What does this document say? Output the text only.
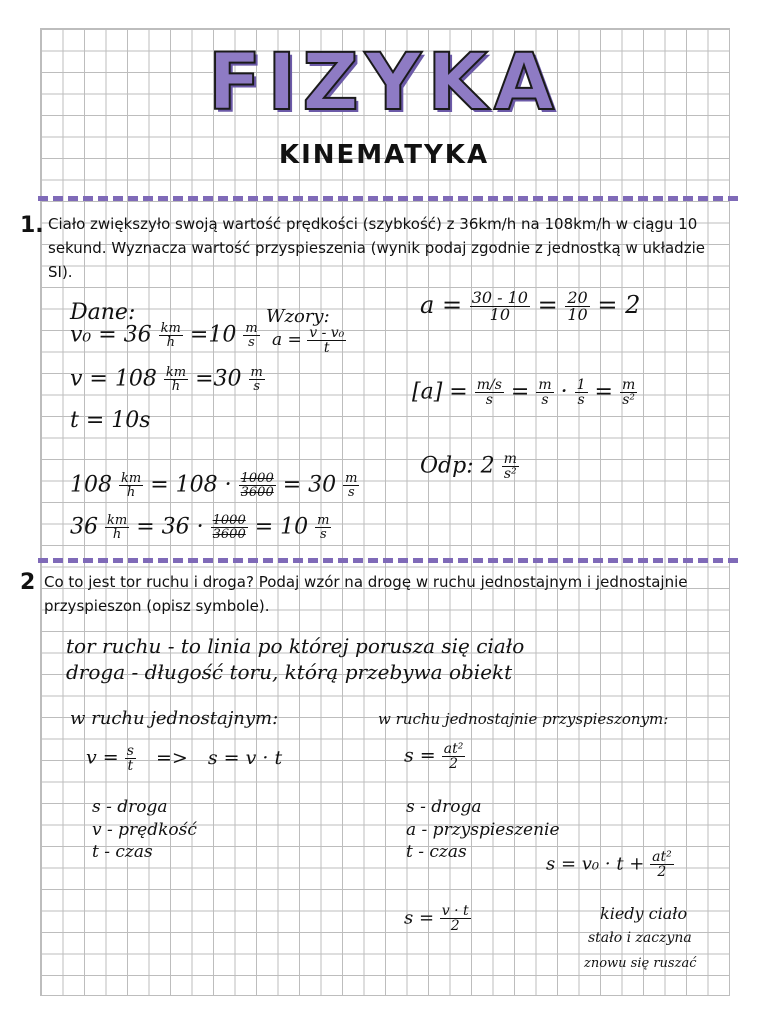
FIZYKA
KINEMATYKA
1. Ciało zwiększyło swoją wartość prędkości (szybkość) z 36km/h na 108km/h w ciągu 10 sekund. Wyznacza wartość przyspieszenia (wynik podaj zgodnie z jednostką w układzie SI).
Dane:
$v_0 = 36 \frac{km}{h} =10 \frac{m}{s}$
$v = 108 \frac{km}{h} =30 \frac{m}{s}$
t = 10s
Wzory:
$a = \frac{\text{v - v₀}}{t}$
$a = \frac{30 - 10}{10} = \frac{20}{10} = 2$
$[a] = \frac{m/s}{s} = \frac{m}{s} \cdot \frac{1}{s} = \frac{m}{\text{s²}}$
Odp: $2 \frac{m}{\text{s²}}$
$108 \frac{km}{h} = 108 \cdot \frac{1000}{3600} = 30 \frac{m}{s}$
$36 \frac{km}{h} = 36 \cdot \frac{1000}{3600} = 10 \frac{m}{s}$
2 Co to jest tor ruchu i droga? Podaj wzór na drogę w ruchu jednostajnym i jednostajnie przyspieszon (opisz symbole).
tor ruchu - to linia po której porusza się ciało
droga - długość toru, którą przebywa obiekt
w ruchu jednostajnym:	w ruchu jednostajnie przyspieszonym:
$v = \frac{s}{t} => s = v \cdot t$
s - droga
v - prędkość
t - czas
$s = \frac{\text{at²}}{2}$
s - droga
a - przyspieszenie
t - czas
$s = v_0 \cdot t + \frac{\text{at²}}{2}$
$s = \frac{v \cdot t}{2}$	kiedy ciało
stało i zaczyna
znowu się ruszać
